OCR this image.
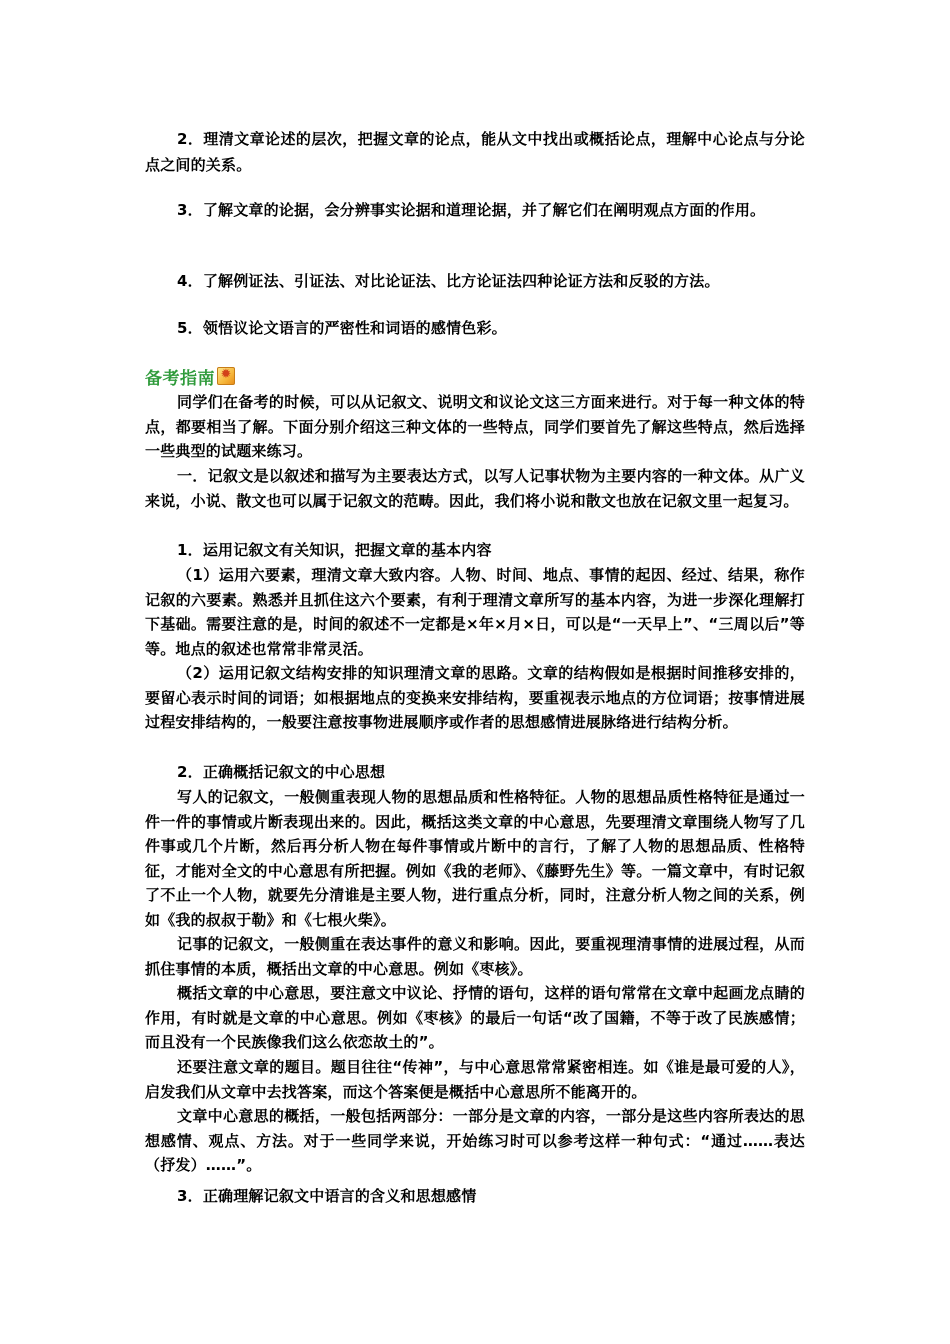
2．理清文章论述的层次，把握文章的论点，能从文中找出或概括论点，理解中心论点与分论点之间的关系。

3．了解文章的论据，会分辨事实论据和道理论据，并了解它们在阐明观点方面的作用。

4．了解例证法、引证法、对比论证法、比方论证法四种论证方法和反驳的方法。

5．领悟议论文语言的严密性和词语的感情色彩。

备考指南
✹

同学们在备考的时候，可以从记叙文、说明文和议论文这三方面来进行。对于每一种文体的特点，都要相当了解。下面分别介绍这三种文体的一些特点，同学们要首先了解这些特点，然后选择一些典型的试题来练习。

一．记叙文是以叙述和描写为主要表达方式，以写人记事状物为主要内容的一种文体。从广义来说，小说、散文也可以属于记叙文的范畴。因此，我们将小说和散文也放在记叙文里一起复习。

1．运用记叙文有关知识，把握文章的基本内容

（1）运用六要素，理清文章大致内容。人物、时间、地点、事情的起因、经过、结果，称作记叙的六要素。熟悉并且抓住这六个要素，有利于理清文章所写的基本内容，为进一步深化理解打下基础。需要注意的是，时间的叙述不一定都是×年×月×日，可以是“一天早上”、“三周以后”等等。地点的叙述也常常非常灵活。

（2）运用记叙文结构安排的知识理清文章的思路。文章的结构假如是根据时间推移安排的，要留心表示时间的词语；如根据地点的变换来安排结构，要重视表示地点的方位词语；按事情进展过程安排结构的，一般要注意按事物进展顺序或作者的思想感情进展脉络进行结构分析。

2．正确概括记叙文的中心思想

写人的记叙文，一般侧重表现人物的思想品质和性格特征。人物的思想品质性格特征是通过一件一件的事情或片断表现出来的。因此，概括这类文章的中心意思，先要理清文章围绕人物写了几件事或几个片断，然后再分析人物在每件事情或片断中的言行，了解了人物的思想品质、性格特征，才能对全文的中心意思有所把握。例如《我的老师》、《藤野先生》等。一篇文章中，有时记叙了不止一个人物，就要先分清谁是主要人物，进行重点分析，同时，注意分析人物之间的关系，例如《我的叔叔于勒》和《七根火柴》。

记事的记叙文，一般侧重在表达事件的意义和影响。因此，要重视理清事情的进展过程，从而抓住事情的本质，概括出文章的中心意思。例如《枣核》。

概括文章的中心意思，要注意文中议论、抒情的语句，这样的语句常常在文章中起画龙点睛的作用，有时就是文章的中心意思。例如《枣核》的最后一句话“改了国籍，不等于改了民族感情；而且没有一个民族像我们这么依恋故土的”。

还要注意文章的题目。题目往往“传神”，与中心意思常常紧密相连。如《谁是最可爱的人》，启发我们从文章中去找答案，而这个答案便是概括中心意思所不能离开的。

文章中心意思的概括，一般包括两部分：一部分是文章的内容，一部分是这些内容所表达的思想感情、观点、方法。对于一些同学来说，开始练习时可以参考这样一种句式：“通过……表达（抒发）……”。

3．正确理解记叙文中语言的含义和思想感情
